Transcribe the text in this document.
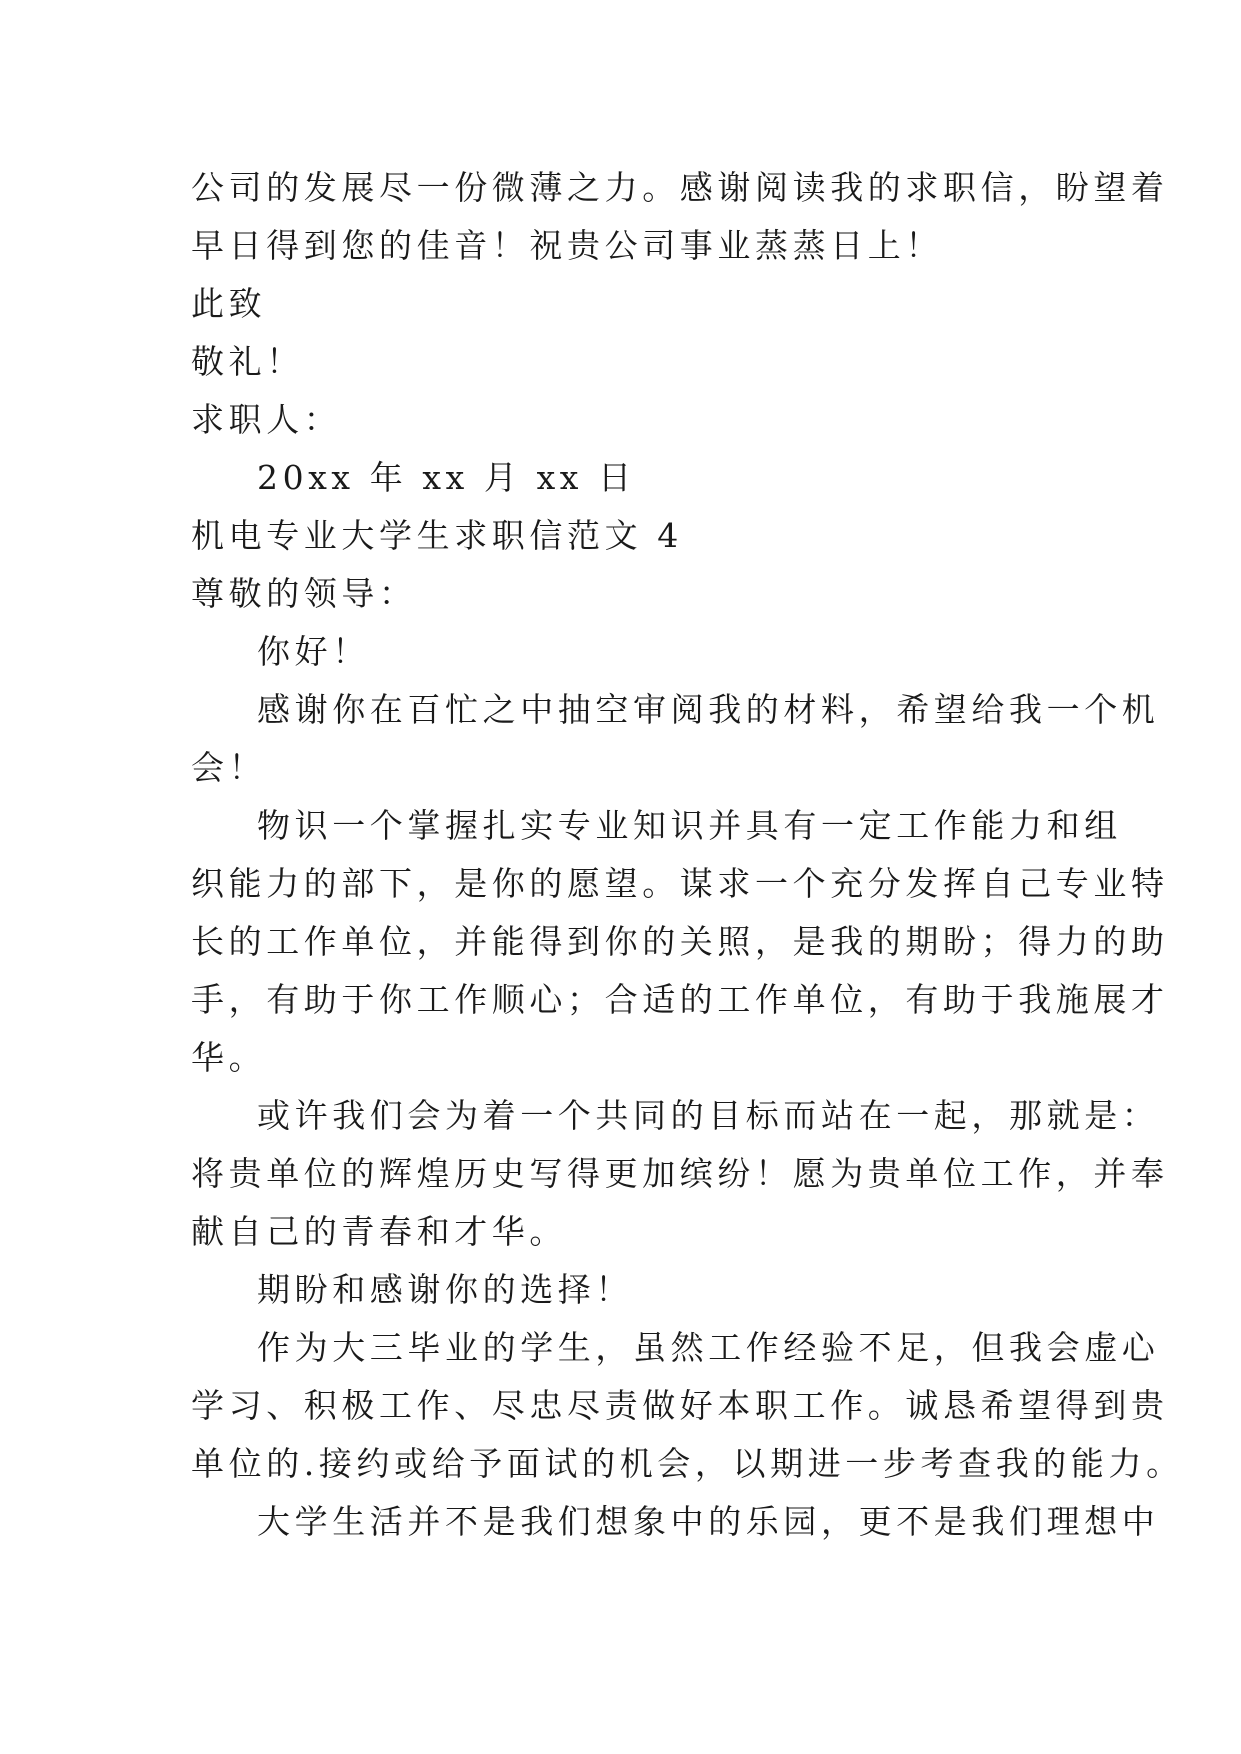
公司的发展尽一份微薄之力。感谢阅读我的求职信，盼望着

早日得到您的佳音！祝贵公司事业蒸蒸日上！

此致

敬礼！

求职人：

20xx 年 xx 月 xx 日

机电专业大学生求职信范文 4

尊敬的领导：

你好！

感谢你在百忙之中抽空审阅我的材料，希望给我一个机

会！

物识一个掌握扎实专业知识并具有一定工作能力和组

织能力的部下，是你的愿望。谋求一个充分发挥自己专业特

长的工作单位，并能得到你的关照，是我的期盼；得力的助

手，有助于你工作顺心；合适的工作单位，有助于我施展才

华。

或许我们会为着一个共同的目标而站在一起，那就是：

将贵单位的辉煌历史写得更加缤纷！愿为贵单位工作，并奉

献自己的青春和才华。

期盼和感谢你的选择！

作为大三毕业的学生，虽然工作经验不足，但我会虚心

学习、积极工作、尽忠尽责做好本职工作。诚恳希望得到贵

单位的.接约或给予面试的机会，以期进一步考查我的能力。

大学生活并不是我们想象中的乐园，更不是我们理想中
